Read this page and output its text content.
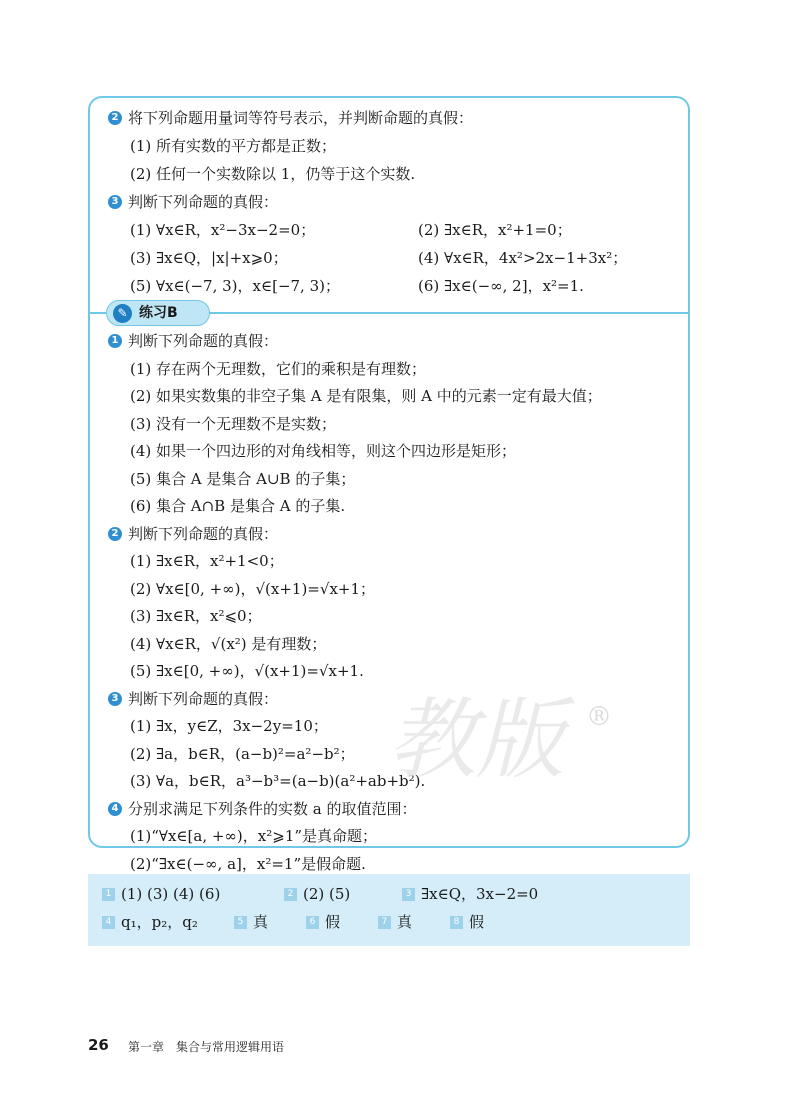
2 将下列命题用量词等符号表示，并判断命题的真假：
(1) 所有实数的平方都是正数；
(2) 任何一个实数除以 1，仍等于这个实数.
3 判断下列命题的真假：
(1) ∀x∈R，x²−3x−2=0；	(2) ∃x∈R，x²+1=0；
(3) ∃x∈Q，|x|+x⩾0；	(4) ∀x∈R，4x²>2x−1+3x²；
(5) ∀x∈(−7, 3)，x∈[−7, 3)；	(6) ∃x∈(−∞, 2]，x²=1.
✎ 练习B
1 判断下列命题的真假：
(1) 存在两个无理数，它们的乘积是有理数；
(2) 如果实数集的非空子集 A 是有限集，则 A 中的元素一定有最大值；
(3) 没有一个无理数不是实数；
(4) 如果一个四边形的对角线相等，则这个四边形是矩形；
(5) 集合 A 是集合 A∪B 的子集；
(6) 集合 A∩B 是集合 A 的子集.
2 判断下列命题的真假：
(1) ∃x∈R，x²+1<0；
(2) ∀x∈[0, +∞)，√(x+1)=√x+1；
(3) ∃x∈R，x²⩽0；
(4) ∀x∈R，√(x²) 是有理数；
(5) ∃x∈[0, +∞)，√(x+1)=√x+1.
3 判断下列命题的真假：
(1) ∃x，y∈Z，3x−2y=10；
(2) ∃a，b∈R，(a−b)²=a²−b²；
(3) ∀a，b∈R，a³−b³=(a−b)(a²+ab+b²).
4 分别求满足下列条件的实数 a 的取值范围：
(1)“∀x∈[a, +∞)，x²⩾1”是真命题；
(2)“∃x∈(−∞, a]，x²=1”是假命题.
教版 ®
1 (1) (3) (4) (6)	2 (2) (5)	3 ∃x∈Q，3x−2=0
4 q₁，p₂，q₂	5 真	6 假	7 真	8 假
26 第一章　集合与常用逻辑用语
